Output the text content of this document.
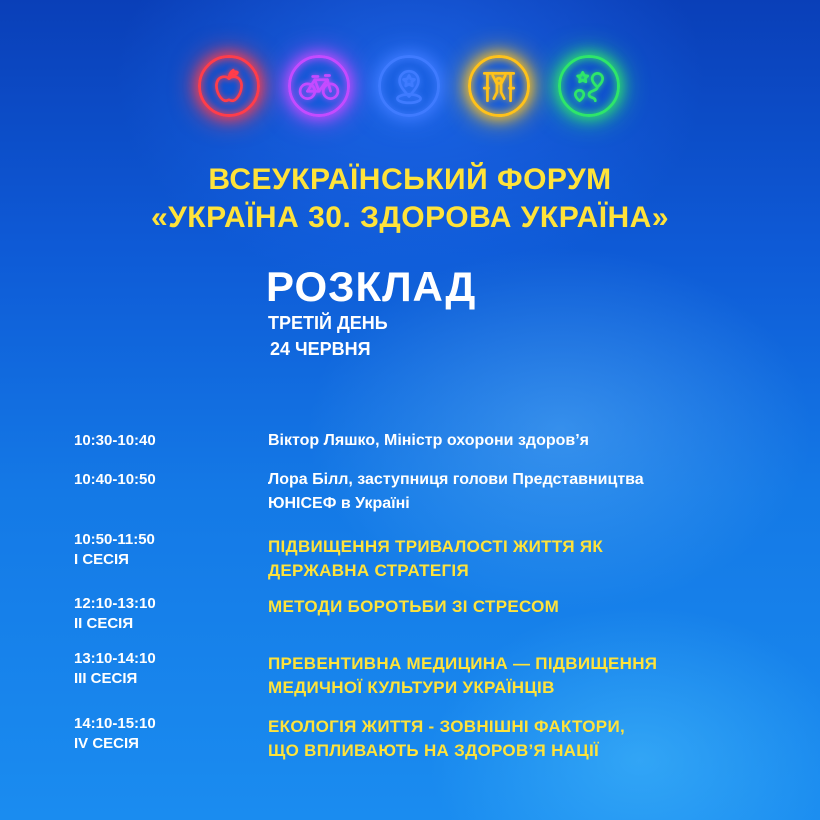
ВСЕУКРАЇНСЬКИЙ ФОРУМ
«УКРАЇНА 30. ЗДОРОВА УКРАЇНА»
РОЗКЛАД
ТРЕТІЙ ДЕНЬ
24 ЧЕРВНЯ
10:30-10:40	Віктор Ляшко, Міністр охорони здоров’я
10:40-10:50	Лора Білл, заступниця голови Представництва
ЮНІСЕФ в Україні
10:50-11:50
I СЕСІЯ
ПІДВИЩЕННЯ ТРИВАЛОСТІ ЖИТТЯ ЯК
ДЕРЖАВНА СТРАТЕГІЯ
12:10-13:10
II СЕСІЯ
МЕТОДИ БОРОТЬБИ ЗІ СТРЕСОМ
13:10-14:10
III СЕСІЯ
ПРЕВЕНТИВНА МЕДИЦИНА — ПІДВИЩЕННЯ
МЕДИЧНОЇ КУЛЬТУРИ УКРАЇНЦІВ
14:10-15:10
IV СЕСІЯ
ЕКОЛОГІЯ ЖИТТЯ - ЗОВНІШНІ ФАКТОРИ,
ЩО ВПЛИВАЮТЬ НА ЗДОРОВ’Я НАЦІЇ
